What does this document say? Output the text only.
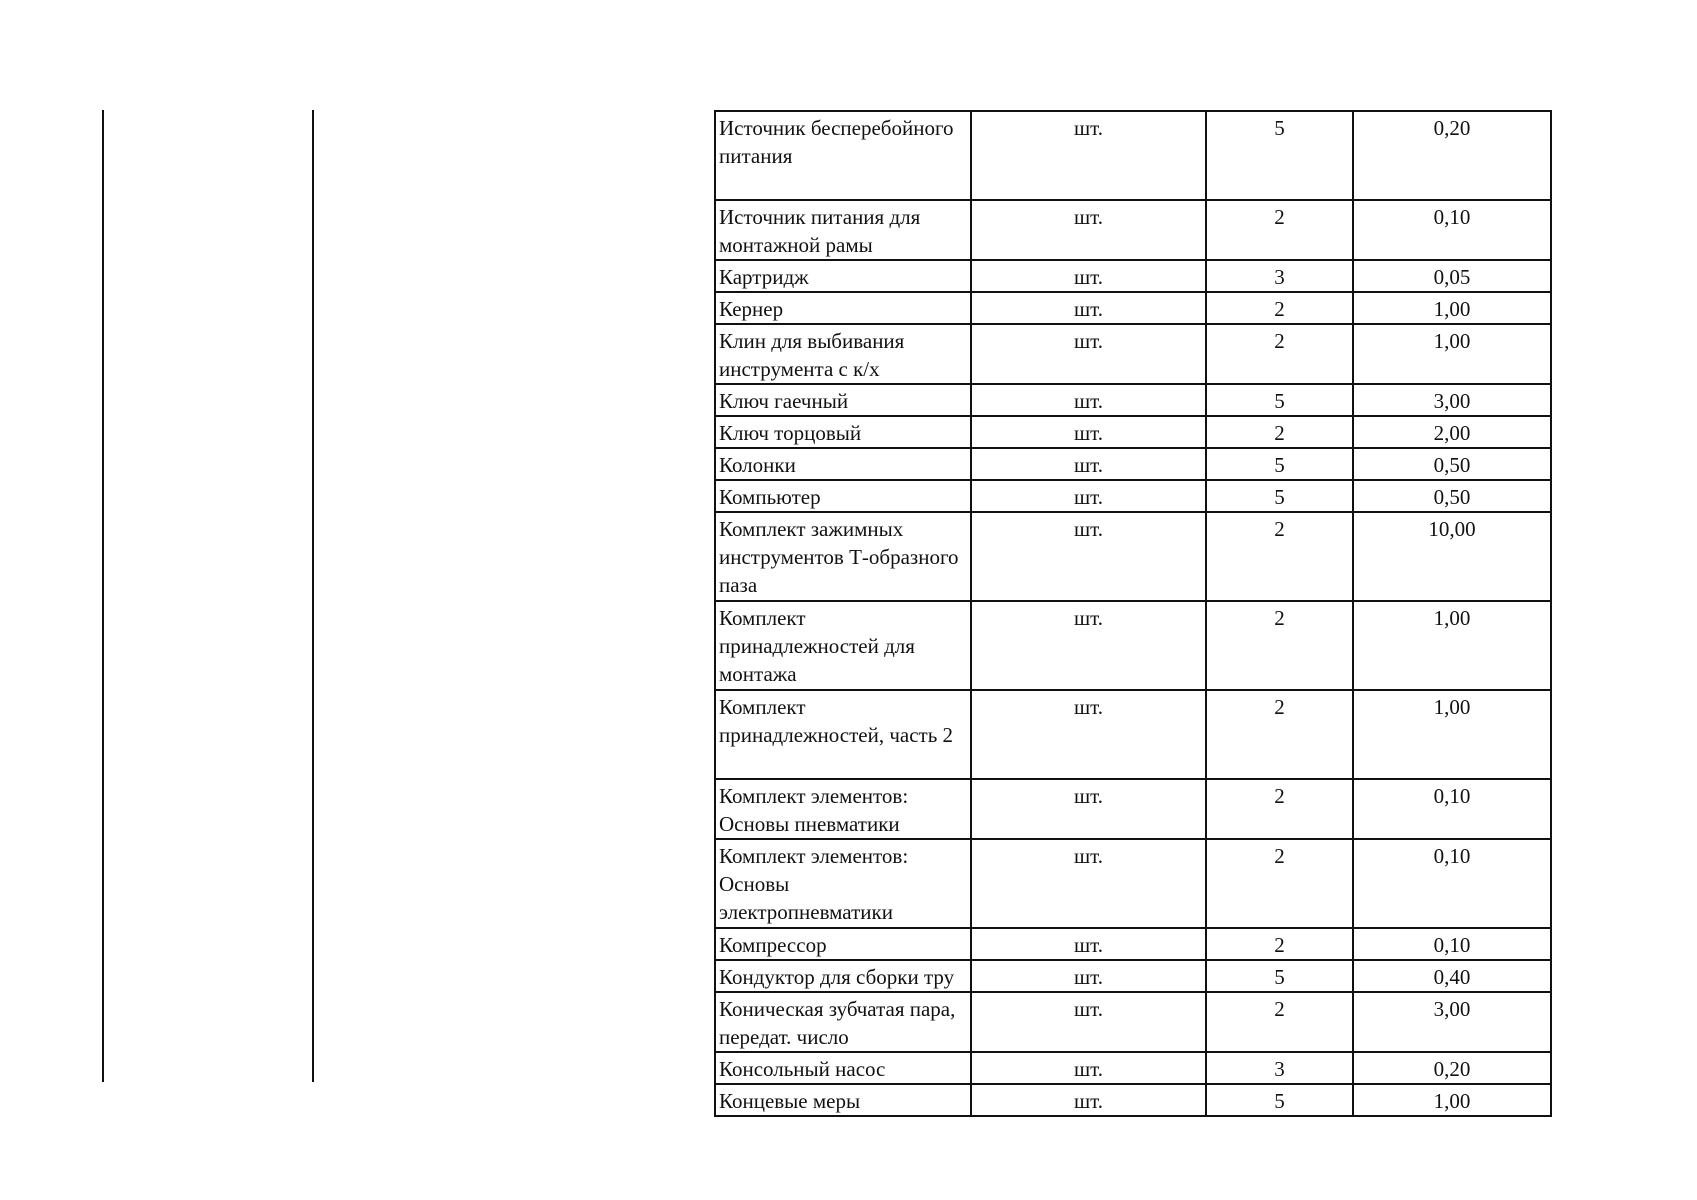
Источник бесперебойного питания	шт.	5	0,20
Источник питания для монтажной рамы	шт.	2	0,10
Картридж	шт.	3	0,05
Кернер	шт.	2	1,00
Клин для выбивания инструмента с к/х	шт.	2	1,00
Ключ гаечный	шт.	5	3,00
Ключ торцовый	шт.	2	2,00
Колонки	шт.	5	0,50
Компьютер	шт.	5	0,50
Комплект зажимных инструментов Т-образного паза	шт.	2	10,00
Комплект принадлежностей для монтажа	шт.	2	1,00
Комплект принадлежностей, часть 2	шт.	2	1,00
Комплект элементов: Основы пневматики	шт.	2	0,10
Комплект элементов: Основы электропневматики	шт.	2	0,10
Компрессор	шт.	2	0,10
Кондуктор для сборки тру	шт.	5	0,40
Коническая зубчатая пара, передат. число	шт.	2	3,00
Консольный насос	шт.	3	0,20
Концевые меры	шт.	5	1,00
